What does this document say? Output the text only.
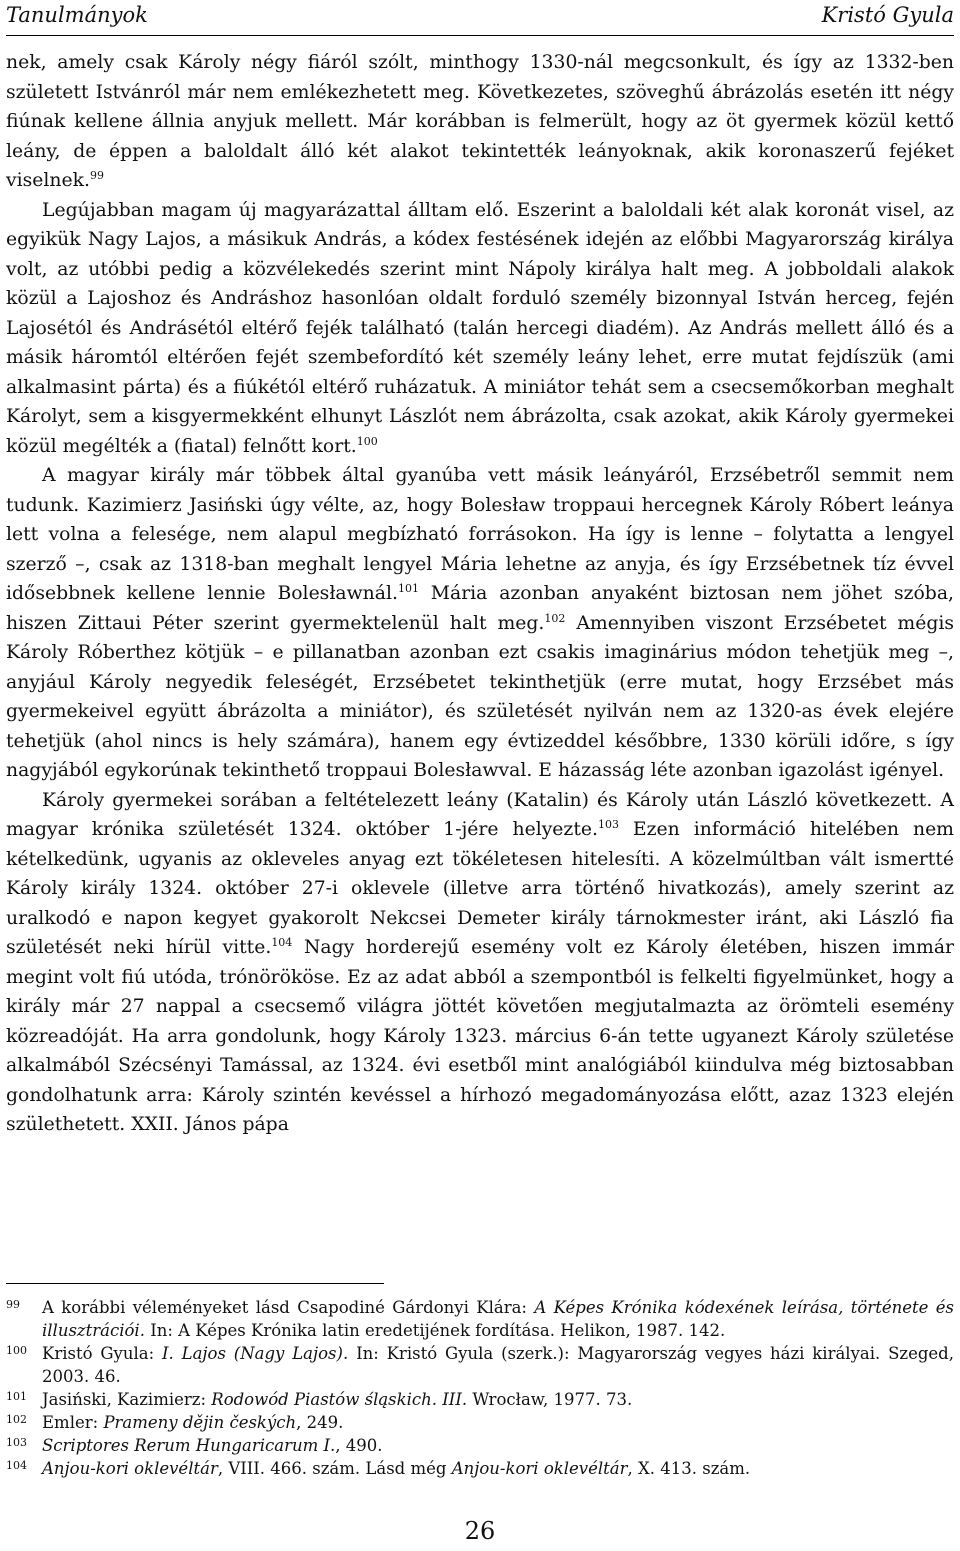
Tanulmányok	Kristó Gyula

nek, amely csak Károly négy fiáról szólt, minthogy 1330-nál megcsonkult, és így az 1332-ben született Istvánról már nem emlékezhetett meg. Következetes, szöveghű ábrázolás esetén itt négy fiúnak kellene állnia anyjuk mellett. Már korábban is felmerült, hogy az öt gyermek közül kettő leány, de éppen a baloldalt álló két alakot tekintették leányoknak, akik koronaszerű fejéket viselnek.$^{99}$

Legújabban magam új magyarázattal álltam elő. Eszerint a baloldali két alak koronát visel, az egyikük Nagy Lajos, a másikuk András, a kódex festésének idején az előbbi Magyarország királya volt, az utóbbi pedig a közvélekedés szerint mint Nápoly királya halt meg. A jobboldali alakok közül a Lajoshoz és Andráshoz hasonlóan oldalt forduló személy bizonnyal István herceg, fején Lajosétól és Andrásétól eltérő fejék található (talán hercegi diadém). Az András mellett álló és a másik háromtól eltérően fejét szembefordító két személy leány lehet, erre mutat fejdíszük (ami alkalmasint párta) és a fiúkétól eltérő ruházatuk. A miniátor tehát sem a csecsemőkorban meghalt Károlyt, sem a kisgyermekként elhunyt Lászlót nem ábrázolta, csak azokat, akik Károly gyermekei közül megélték a (fiatal) felnőtt kort.$^{100}$

A magyar király már többek által gyanúba vett másik leányáról, Erzsébetről semmit nem tudunk. Kazimierz Jasiński úgy vélte, az, hogy Bolesław troppaui hercegnek Károly Róbert leánya lett volna a felesége, nem alapul megbízható forrásokon. Ha így is lenne – folytatta a lengyel szerző –, csak az 1318-ban meghalt lengyel Mária lehetne az anyja, és így Erzsébetnek tíz évvel idősebbnek kellene lennie Bolesławnál.$^{101}$ Mária azonban anyaként biztosan nem jöhet szóba, hiszen Zittaui Péter szerint gyermektelenül halt meg.$^{102}$ Amennyiben viszont Erzsébetet mégis Károly Róberthez kötjük – e pillanatban azonban ezt csakis imaginárius módon tehetjük meg –, anyjául Károly negyedik feleségét, Erzsébetet tekinthetjük (erre mutat, hogy Erzsébet más gyermekeivel együtt ábrázolta a miniátor), és születését nyilván nem az 1320-as évek elejére tehetjük (ahol nincs is hely számára), hanem egy évtizeddel későbbre, 1330 körüli időre, s így nagyjából egykorúnak tekinthető troppaui Bolesławval. E házasság léte azonban igazolást igényel.

Károly gyermekei sorában a feltételezett leány (Katalin) és Károly után László következett. A magyar krónika születését 1324. október 1-jére helyezte.$^{103}$ Ezen információ hitelében nem kételkedünk, ugyanis az okleveles anyag ezt tökéletesen hitelesíti. A közelmúltban vált ismertté Károly király 1324. október 27-i oklevele (illetve arra történő hivatkozás), amely szerint az uralkodó e napon kegyet gyakorolt Nekcsei Demeter király tárnokmester iránt, aki László fia születését neki hírül vitte.$^{104}$ Nagy horderejű esemény volt ez Károly életében, hiszen immár megint volt fiú utóda, trónörököse. Ez az adat abból a szempontból is felkelti figyelmünket, hogy a király már 27 nappal a csecsemő világra jöttét követően megjutalmazta az örömteli esemény közreadóját. Ha arra gondolunk, hogy Károly 1323. március 6-án tette ugyanezt Károly születése alkalmából Szécsényi Tamással, az 1324. évi esetből mint analógiából kiindulva még biztosabban gondolhatunk arra: Károly szintén kevéssel a hírhozó megadományozása előtt, azaz 1323 elején születhetett. XXII. János pápa

99 A korábbi véleményeket lásd Csapodiné Gárdonyi Klára: A Képes Krónika kódexének leírása, története és illusztrációi. In: A Képes Krónika latin eredetijének fordítása. Helikon, 1987. 142.
100 Kristó Gyula: I. Lajos (Nagy Lajos). In: Kristó Gyula (szerk.): Magyarország vegyes házi királyai. Szeged, 2003. 46.
101 Jasiński, Kazimierz: Rodowód Piastów śląskich. III. Wrocław, 1977. 73.
102 Emler: Prameny dějin českých, 249.
103 Scriptores Rerum Hungaricarum I., 490.
104 Anjou-kori oklevéltár, VIII. 466. szám. Lásd még Anjou-kori oklevéltár, X. 413. szám.
26
